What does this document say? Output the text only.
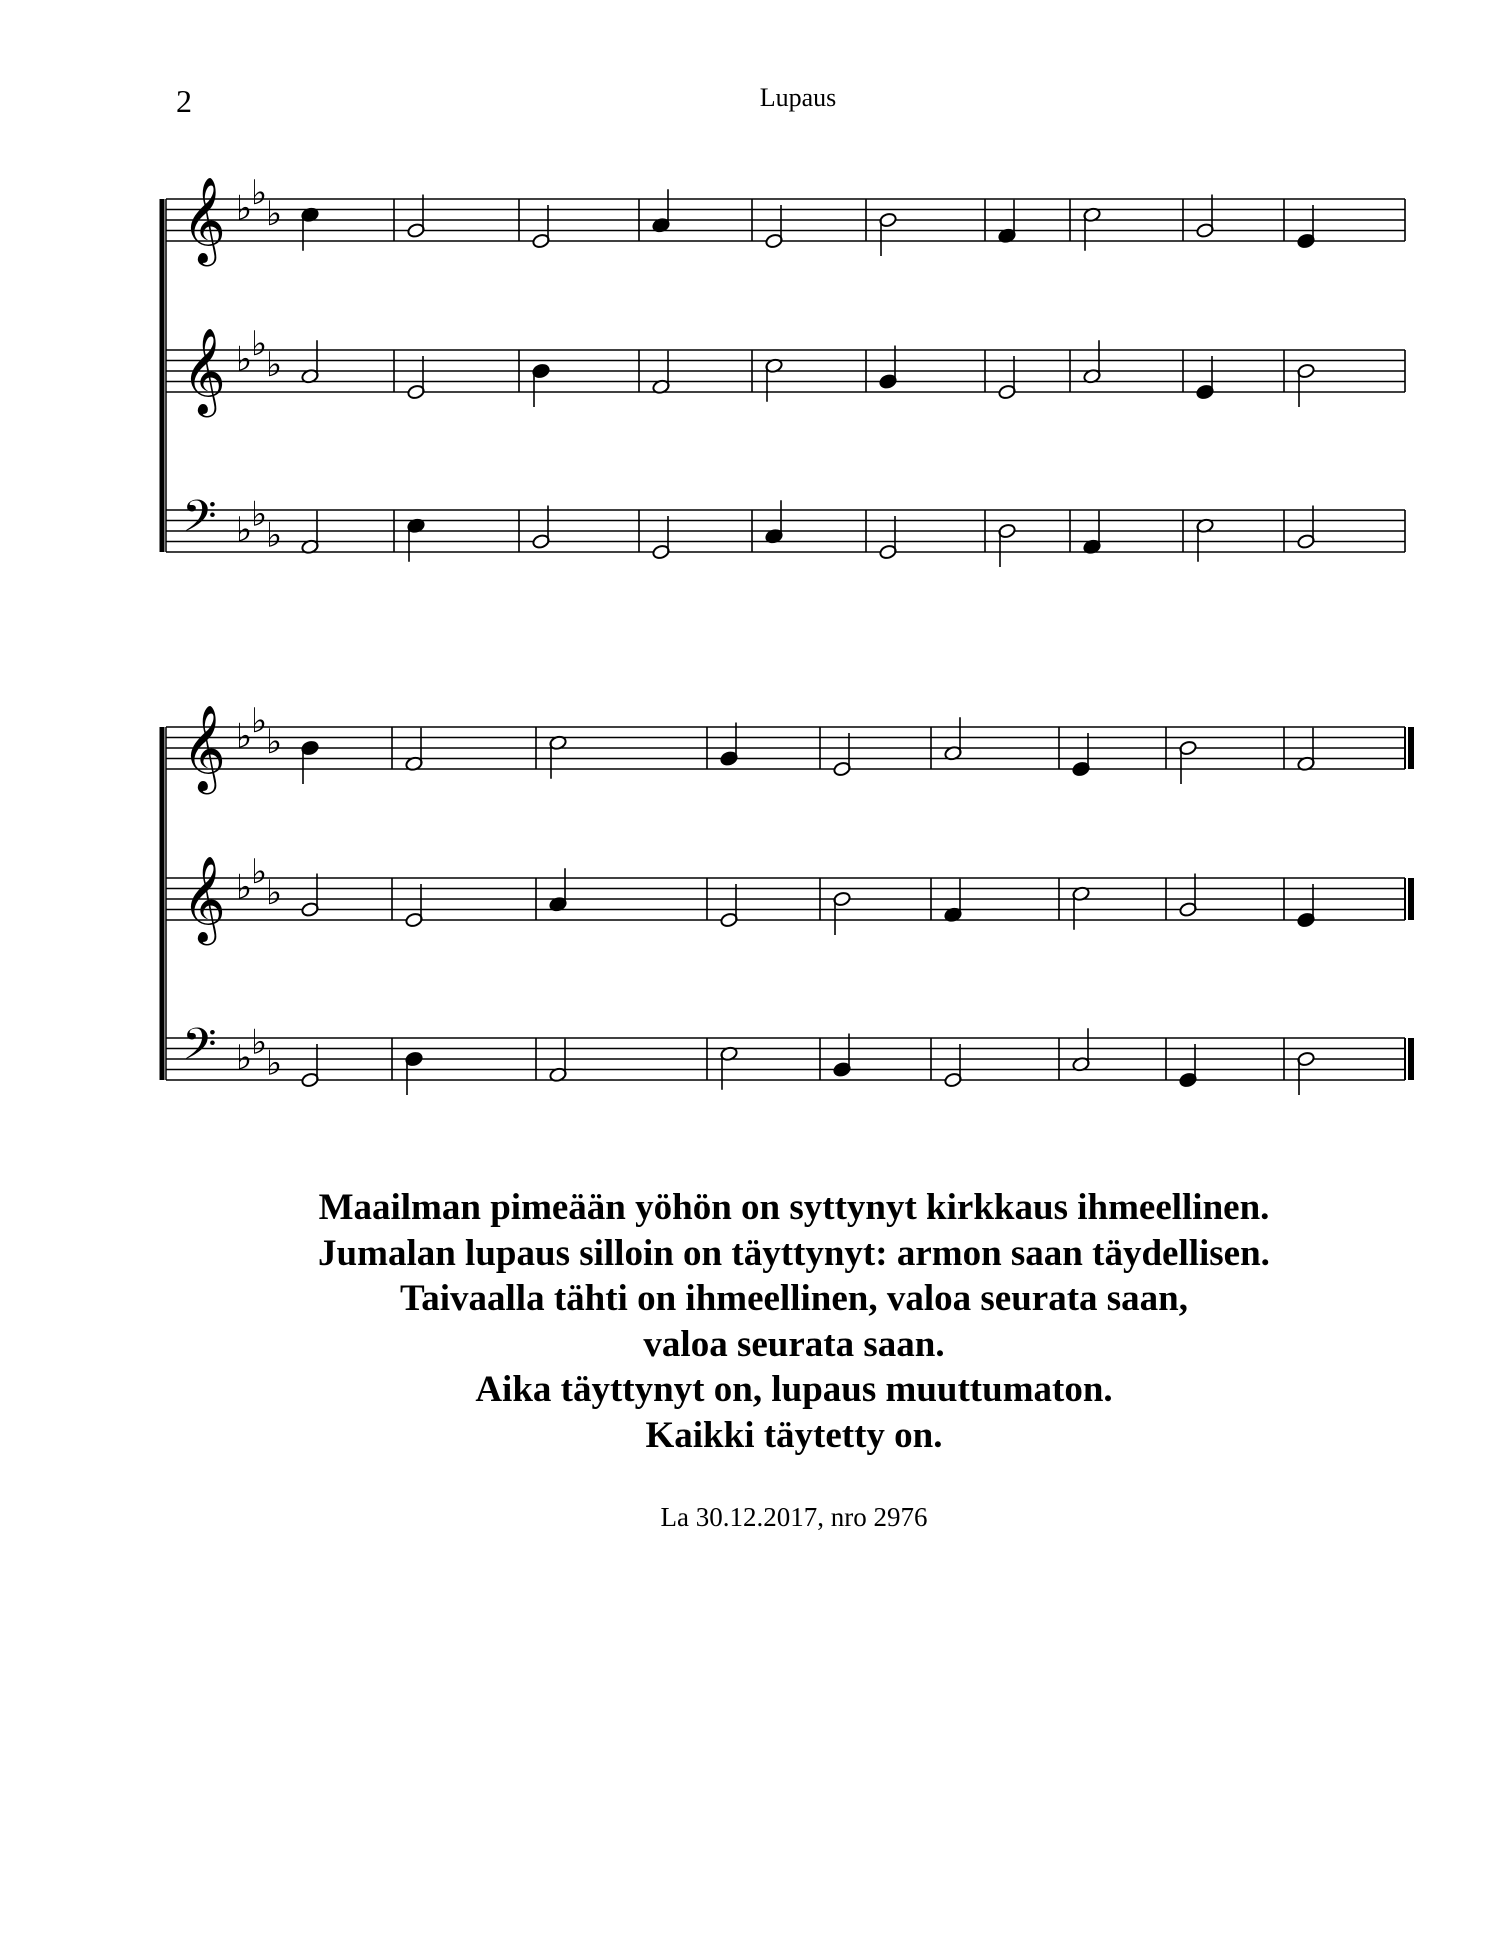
2	Lupaus
𝄞 ♭
♭
♭
𝄞 ♭
♭
♭
𝄢 ♭
♭
♭
𝄞 ♭
♭
♭
𝄞 ♭
♭
♭
𝄢 ♭
♭
♭
Maailman pimeään yöhön on syttynyt kirkkaus ihmeellinen.
Jumalan lupaus silloin on täyttynyt: armon saan täydellisen.
Taivaalla tähti on ihmeellinen, valoa seurata saan,
valoa seurata saan.
Aika täyttynyt on, lupaus muuttumaton.
Kaikki täytetty on.
La 30.12.2017, nro 2976
